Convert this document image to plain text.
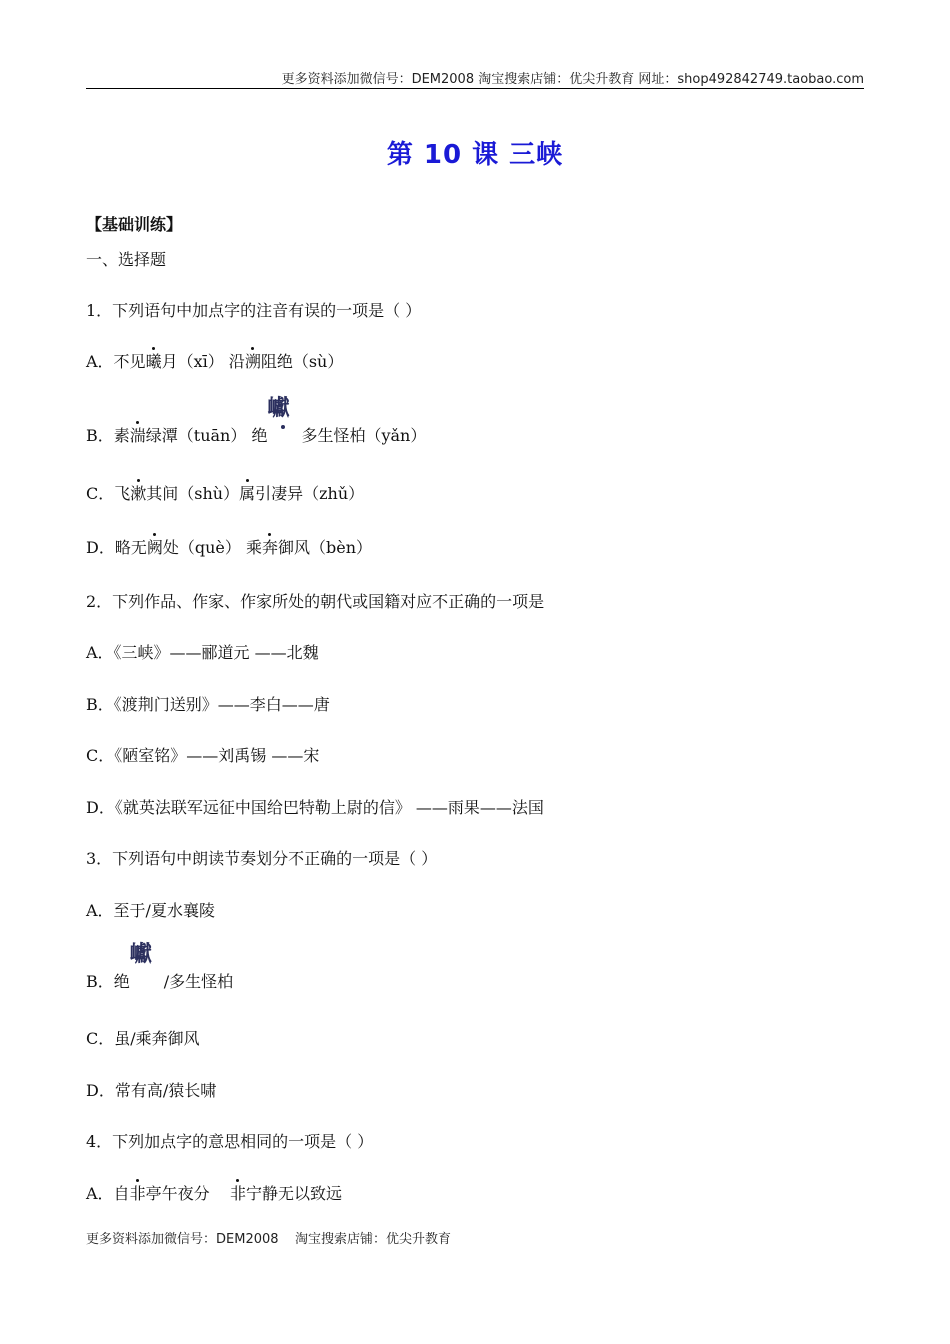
更多资料添加微信号：DEM2008 淘宝搜索店铺：优尖升教育 网址：shop492842749.taobao.com
第 10 课 三峡
【基础训练】
一、选择题
1．下列语句中加点字的注音有误的一项是（ ）
A．不见曦月（xī） 沿溯阻绝（sù）
B．素湍绿潭（tuān） 绝
巘
多生怪柏（yǎn）
C．飞漱其间（shù）属引凄异（zhǔ）
D．略无阙处（què） 乘奔御风（bèn）
2．下列作品、作家、作家所处的朝代或国籍对应不正确的一项是
A．《三峡》——郦道元 ——北魏
B．《渡荆门送别》——李白——唐
C．《陋室铭》——刘禹锡 ——宋
D．《就英法联军远征中国给巴特勒上尉的信》 ——雨果——法国
3．下列语句中朗读节奏划分不正确的一项是（ ）
A．至于/夏水襄陵
B．绝
巘
/多生怪柏
C．虽/乘奔御风
D．常有高/猿长啸
4．下列加点字的意思相同的一项是（ ）
A．自非亭午夜分    非宁静无以致远
更多资料添加微信号：DEM2008    淘宝搜索店铺：优尖升教育
